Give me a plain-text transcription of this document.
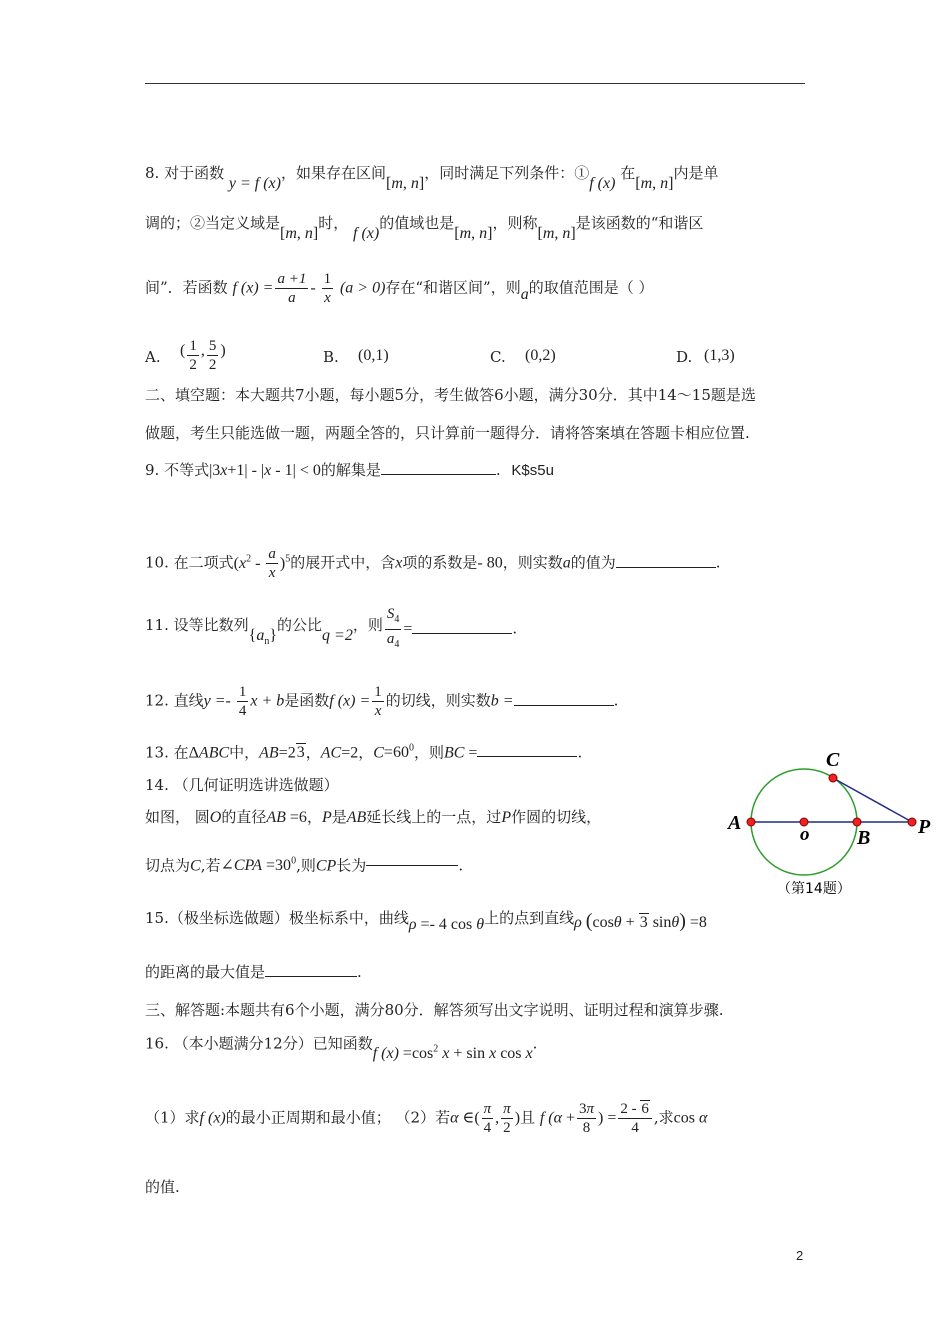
8. 对于函数 y = f (x)，如果存在区间[m, n]，同时满足下列条件：①f (x) 在[m, n]内是单
调的；②当定义域是[m, n]时， f (x)的值域也是[m, n]，则称[m, n]是该函数的“和谐区
间”．若函数 f $(x) = \frac{a +1}{a} - \frac{1}{x} (a > 0)$存在“和谐区间”，则a的取值范围是（ ）
A. ( $\frac{1}{2}$ , $\frac{5}{2}$ )	B. (0,1)	C. (0,2)	D. (1,3)
二、填空题：本大题共7小题，每小题5分，考生做答6小题，满分30分．其中14～15题是选
做题，考生只能选做一题，两题全答的，只计算前一题得分．请将答案填在答题卡相应位置.
9. 不等式|3x+1| - |x - 1| < 0的解集是	. K$s5u
10. 在二项式$(x^2 - \frac{a}{x} )^5$的展开式中，含x项的系数是- 80，则实数a的值为	.
11. 设等比数列$\{a_n\}$的公比q =2，则 $\frac{S_4}{a_4}$ =	.
12. 直线$y =- \frac{1}{4}$ x + b是函数f $(x) = \frac{1}{x}$ 的切线，则实数b =	.
13. 在ΔABC中，AB=23，AC=2，$C=60^0$，则BC =	.
14. （几何证明选讲选做题）
如图， 圆O的直径AB =6，P是AB延长线上的一点，过P作圆的切线，
切点为C,若∠CPA $=30^0$,则CP长为	.
A
o B
C
P
（第14题）
15.（极坐标选做题）极坐标系中，曲线ρ =- 4 cos θ上的点到直线ρ (cosθ + 3 sinθ) =8
的距离的最大值是	.
三、解答题:本题共有6个小题，满分80分．解答须写出文字说明、证明过程和演算步骤.
16. （本小题满分12分）已知函数f $(x) =\cos^2$ x + sin x cos x.
（1）求f (x)的最小正周期和最小值； （2）若α ∈( $\frac{\pi}{4}$ , $\frac{\pi}{2}$ )且 f ($\alpha + \frac{3\pi}{8}$ ) = $\frac{2 - 6}{4}$ ,求cos α
的值.
2
